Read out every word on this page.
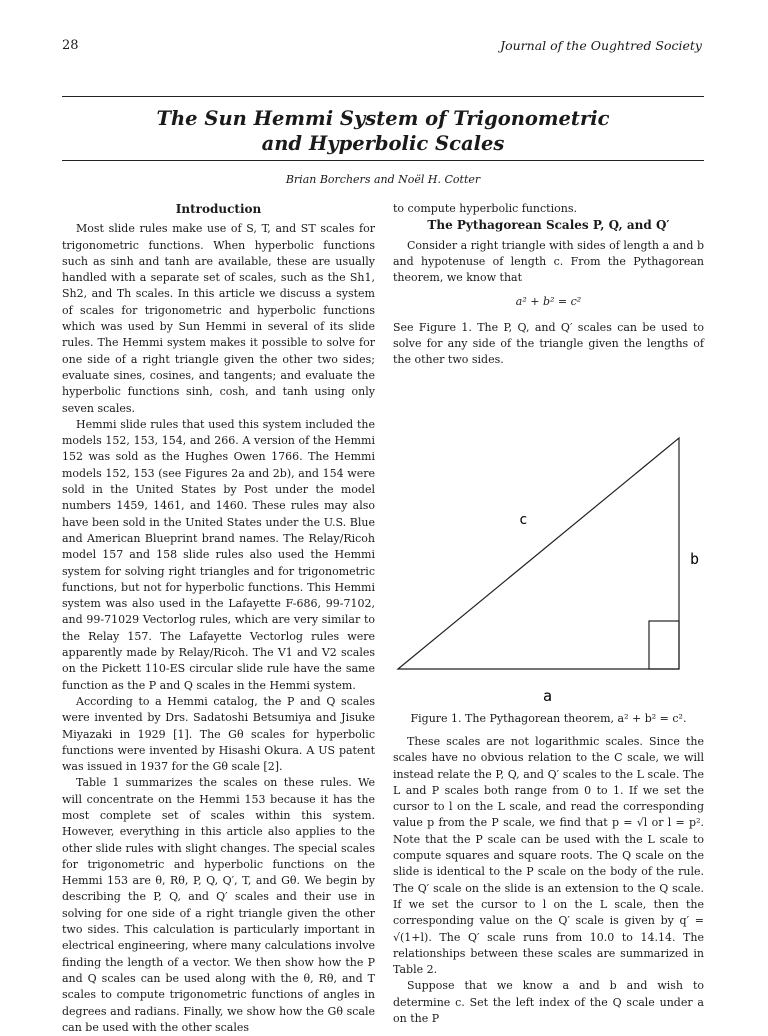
28	Journal of the Oughtred Society
The Sun Hemmi System of Trigonometric
and Hyperbolic Scales
Brian Borchers and Noël H. Cotter
Introduction

Most slide rules make use of S, T, and ST scales for trigonometric functions. When hyperbolic functions such as sinh and tanh are available, these are usually handled with a separate set of scales, such as the Sh1, Sh2, and Th scales. In this article we discuss a system of scales for trigonometric and hyperbolic functions which was used by Sun Hemmi in several of its slide rules. The Hemmi system makes it possible to solve for one side of a right triangle given the other two sides; evaluate sines, cosines, and tangents; and evaluate the hyperbolic functions sinh, cosh, and tanh using only seven scales.

Hemmi slide rules that used this system included the models 152, 153, 154, and 266. A version of the Hemmi 152 was sold as the Hughes Owen 1766. The Hemmi models 152, 153 (see Figures 2a and 2b), and 154 were sold in the United States by Post under the model numbers 1459, 1461, and 1460. These rules may also have been sold in the United States under the U.S. Blue and American Blueprint brand names. The Relay/Ricoh model 157 and 158 slide rules also used the Hemmi system for solving right triangles and for trigonometric functions, but not for hyperbolic functions. This Hemmi system was also used in the Lafayette F-686, 99-7102, and 99-71029 Vectorlog rules, which are very similar to the Relay 157. The Lafayette Vectorlog rules were apparently made by Relay/Ricoh. The V1 and V2 scales on the Pickett 110-ES circular slide rule have the same function as the P and Q scales in the Hemmi system.

According to a Hemmi catalog, the P and Q scales were invented by Drs. Sadatoshi Betsumiya and Jisuke Miyazaki in 1929 [1]. The Gθ scales for hyperbolic functions were invented by Hisashi Okura. A US patent was issued in 1937 for the Gθ scale [2].

Table 1 summarizes the scales on these rules. We will concentrate on the Hemmi 153 because it has the most complete set of scales within this system. However, everything in this article also applies to the other slide rules with slight changes. The special scales for trigonometric and hyperbolic functions on the Hemmi 153 are θ, Rθ, P, Q, Q′, T, and Gθ. We begin by describing the P, Q, and Q′ scales and their use in solving for one side of a right triangle given the other two sides. This calculation is particularly important in electrical engineering, where many calculations involve finding the length of a vector. We then show how the P and Q scales can be used along with the θ, Rθ, and T scales to compute trigonometric functions of angles in degrees and radians. Finally, we show how the Gθ scale can be used with the other scales

to compute hyperbolic functions.

The Pythagorean Scales P, Q, and Q′

Consider a right triangle with sides of length a and b and hypotenuse of length c. From the Pythagorean theorem, we know that

a² + b² = c²

See Figure 1. The P, Q, and Q′ scales can be used to solve for any side of the triangle given the lengths of the other two sides.

c
b
a
Figure 1. The Pythagorean theorem, a² + b² = c².

These scales are not logarithmic scales. Since the scales have no obvious relation to the C scale, we will instead relate the P, Q, and Q′ scales to the L scale. The L and P scales both range from 0 to 1. If we set the cursor to l on the L scale, and read the corresponding value p from the P scale, we find that p = √l or l = p². Note that the P scale can be used with the L scale to compute squares and square roots. The Q scale on the slide is identical to the P scale on the body of the rule. The Q′ scale on the slide is an extension to the Q scale. If we set the cursor to l on the L scale, then the corresponding value on the Q′ scale is given by q′ = √(1+l). The Q′ scale runs from 10.0 to 14.14. The relationships between these scales are summarized in Table 2.

Suppose that we know a and b and wish to determine c. Set the left index of the Q scale under a on the P
